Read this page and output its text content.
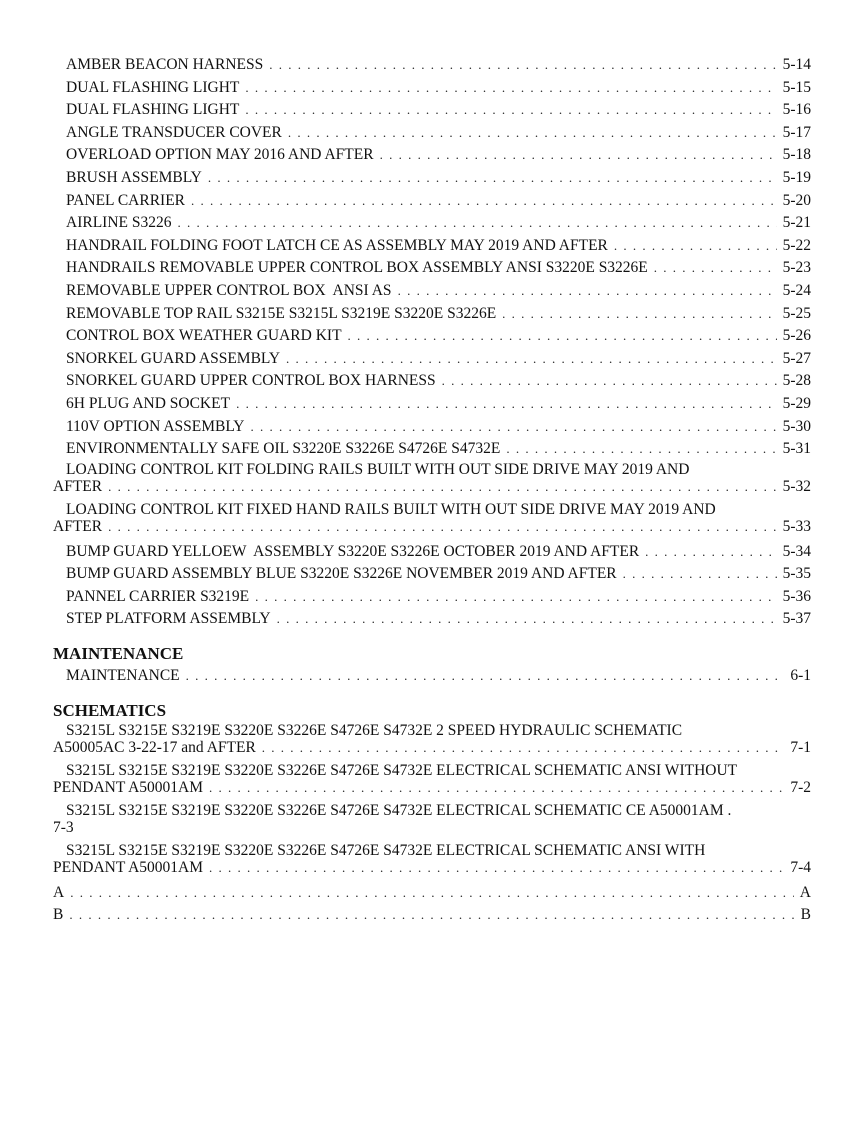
AMBER BEACON HARNESS . . .	5-14
DUAL FLASHING LIGHT . . .	5-15
DUAL FLASHING LIGHT . . .	5-16
ANGLE TRANSDUCER COVER . . .	5-17
OVERLOAD OPTION MAY 2016 AND AFTER . . .	5-18
BRUSH ASSEMBLY . . .	5-19
PANEL CARRIER . . .	5-20
AIRLINE S3226 . . .	5-21
HANDRAIL FOLDING FOOT LATCH CE AS ASSEMBLY MAY 2019 AND AFTER . . .	5-22
HANDRAILS REMOVABLE UPPER CONTROL BOX ASSEMBLY ANSI S3220E S3226E . . .	5-23
REMOVABLE UPPER CONTROL BOX  ANSI AS . . .	5-24
REMOVABLE TOP RAIL S3215E S3215L S3219E S3220E S3226E . . .	5-25
CONTROL BOX WEATHER GUARD KIT . . .	5-26
SNORKEL GUARD ASSEMBLY . . .	5-27
SNORKEL GUARD UPPER CONTROL BOX HARNESS . . .	5-28
6H PLUG AND SOCKET . . .	5-29
110V OPTION ASSEMBLY . . .	5-30
ENVIRONMENTALLY SAFE OIL S3220E S3226E S4726E S4732E . . .	5-31
LOADING CONTROL KIT FOLDING RAILS BUILT WITH OUT SIDE DRIVE MAY 2019 AND
AFTER . . .	5-32
LOADING CONTROL KIT FIXED HAND RAILS BUILT WITH OUT SIDE DRIVE MAY 2019 AND
AFTER . . .	5-33
BUMP GUARD YELLOEW  ASSEMBLY S3220E S3226E OCTOBER 2019 AND AFTER . . .	5-34
BUMP GUARD ASSEMBLY BLUE S3220E S3226E NOVEMBER 2019 AND AFTER . . .	5-35
PANNEL CARRIER S3219E . . .	5-36
STEP PLATFORM ASSEMBLY . . .	5-37
MAINTENANCE
MAINTENANCE . . .	6-1
SCHEMATICS
S3215L S3215E S3219E S3220E S3226E S4726E S4732E 2 SPEED HYDRAULIC SCHEMATIC
A50005AC 3-22-17 and AFTER . . .	7-1
S3215L S3215E S3219E S3220E S3226E S4726E S4732E ELECTRICAL SCHEMATIC ANSI WITHOUT
PENDANT A50001AM . . .	7-2
S3215L S3215E S3219E S3220E S3226E S4726E S4732E ELECTRICAL SCHEMATIC CE A50001AM .
7-3
S3215L S3215E S3219E S3220E S3226E S4726E S4732E ELECTRICAL SCHEMATIC ANSI WITH
PENDANT A50001AM . . .	7-4
A . . .	A
B . . .	B
